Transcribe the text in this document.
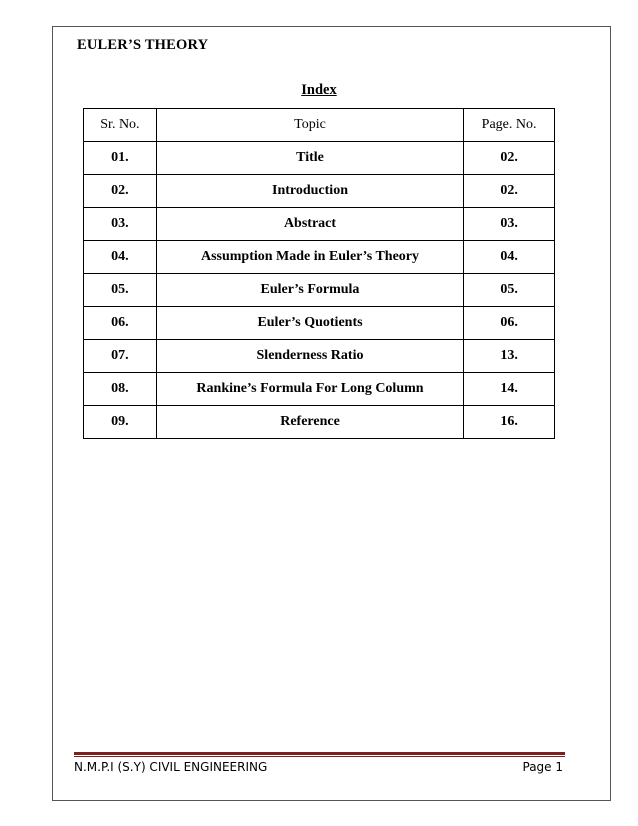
EULER’S THEORY
Index
Sr. No.	Topic	Page. No.
01.	Title	02.
02.	Introduction	02.
03.	Abstract	03.
04.	Assumption Made in Euler’s Theory	04.
05.	Euler’s Formula	05.
06.	Euler’s Quotients	06.
07.	Slenderness Ratio	13.
08.	Rankine’s Formula For Long Column	14.
09.	Reference	16.
N.M.P.I (S.Y) CIVIL ENGINEERING	Page 1
